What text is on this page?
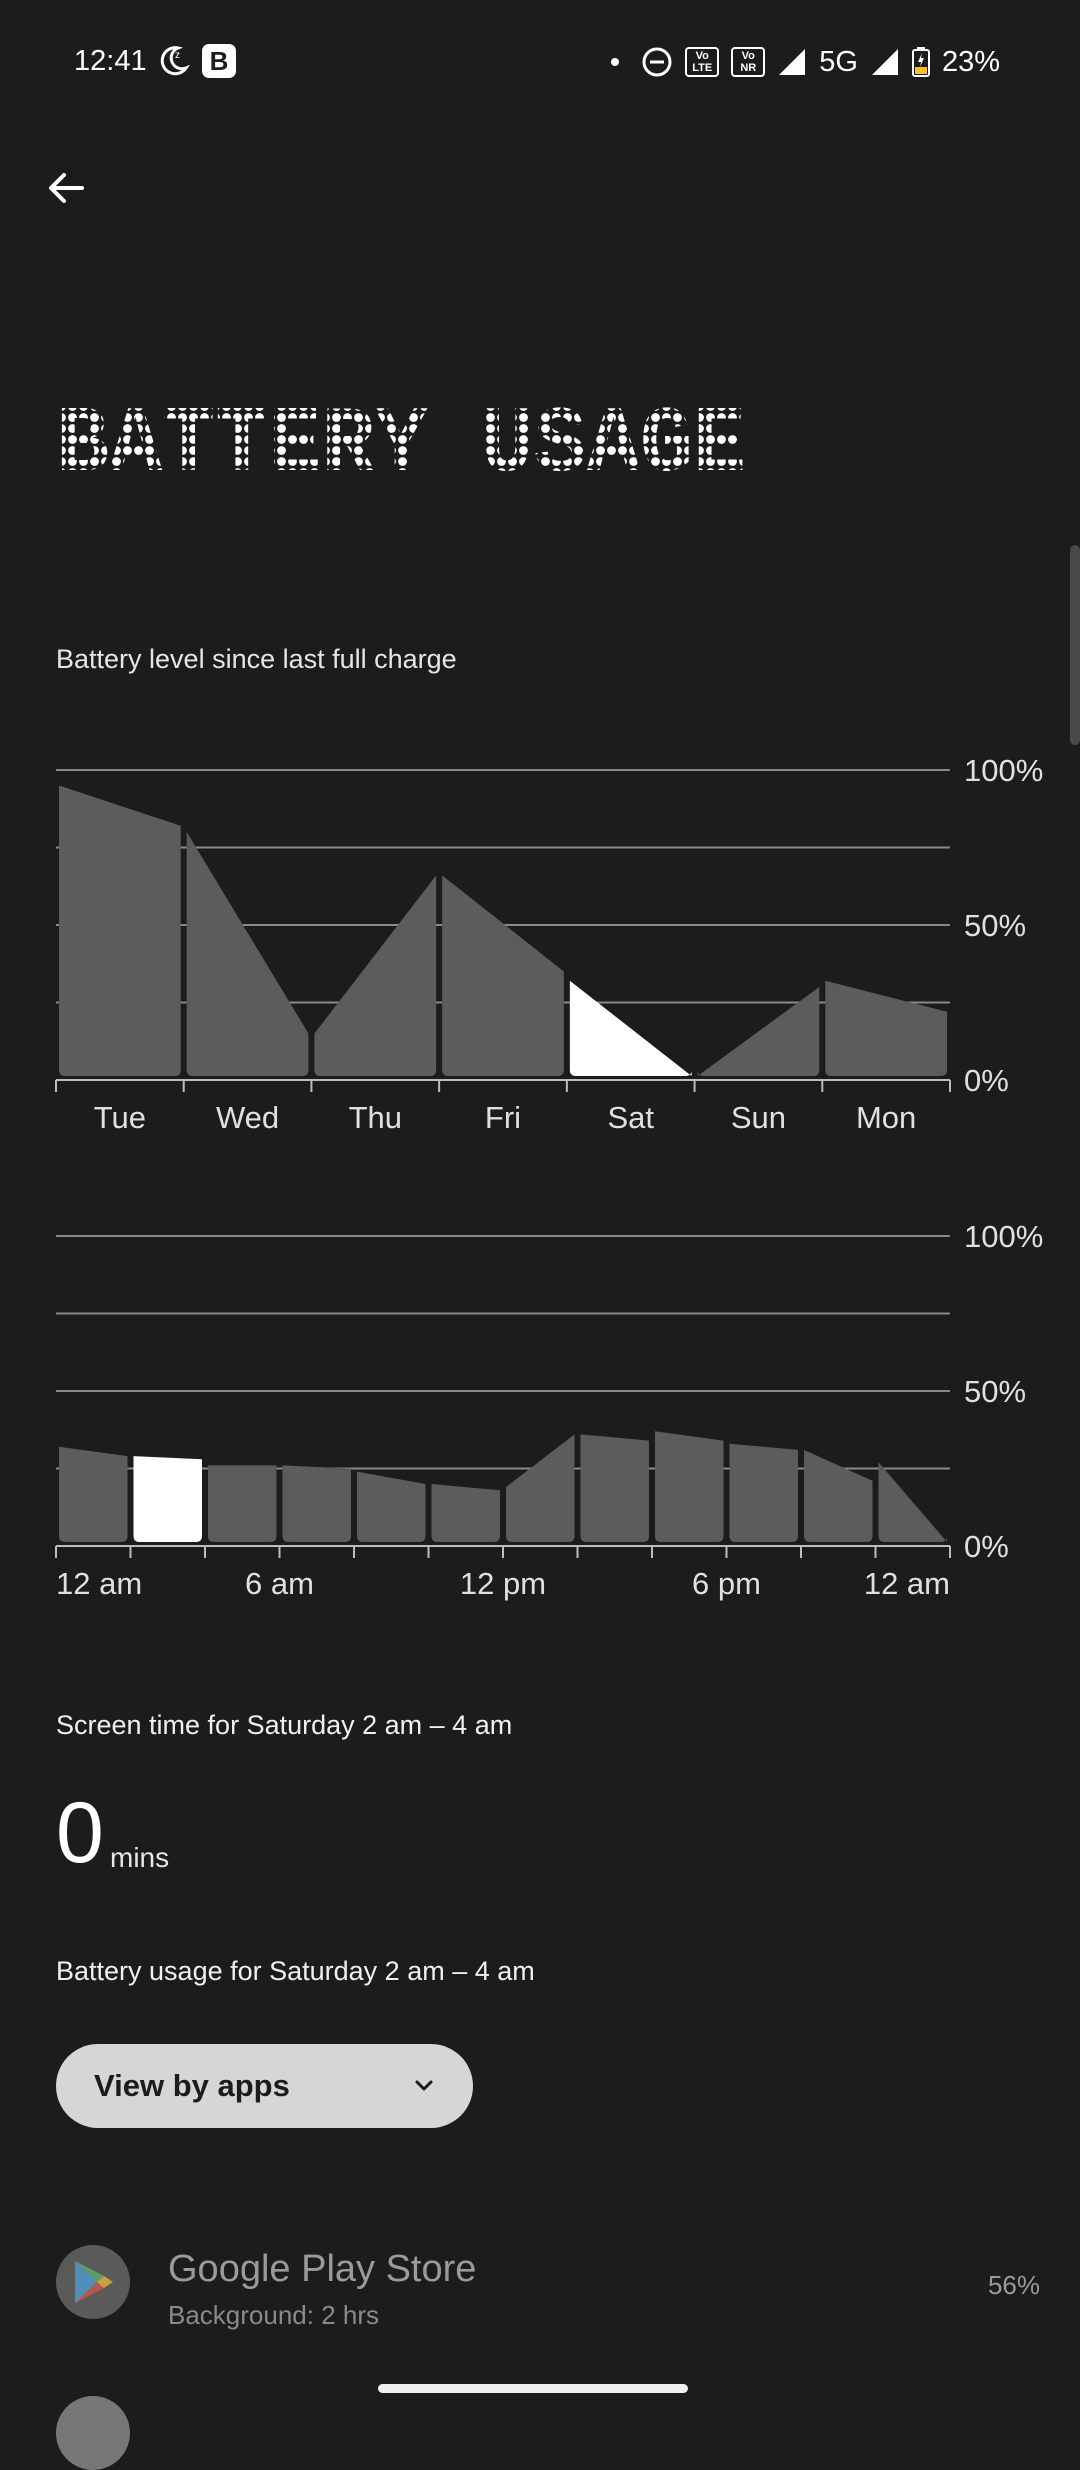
12:41	z B	Vo
LTE
Vo
NR	5G	23%
BATTERY USAGE
Battery level since last full charge
100%
50%
0%
Tue Wed Thu	Fri	Sat Sun Mon
100%
50%
0%
12 am	6 am	12 pm	6 pm	12 am
Screen time for Saturday 2 am – 4 am
0 mins
Battery usage for Saturday 2 am – 4 am
View by apps
Google Play Store
Background: 2 hrs
56%
